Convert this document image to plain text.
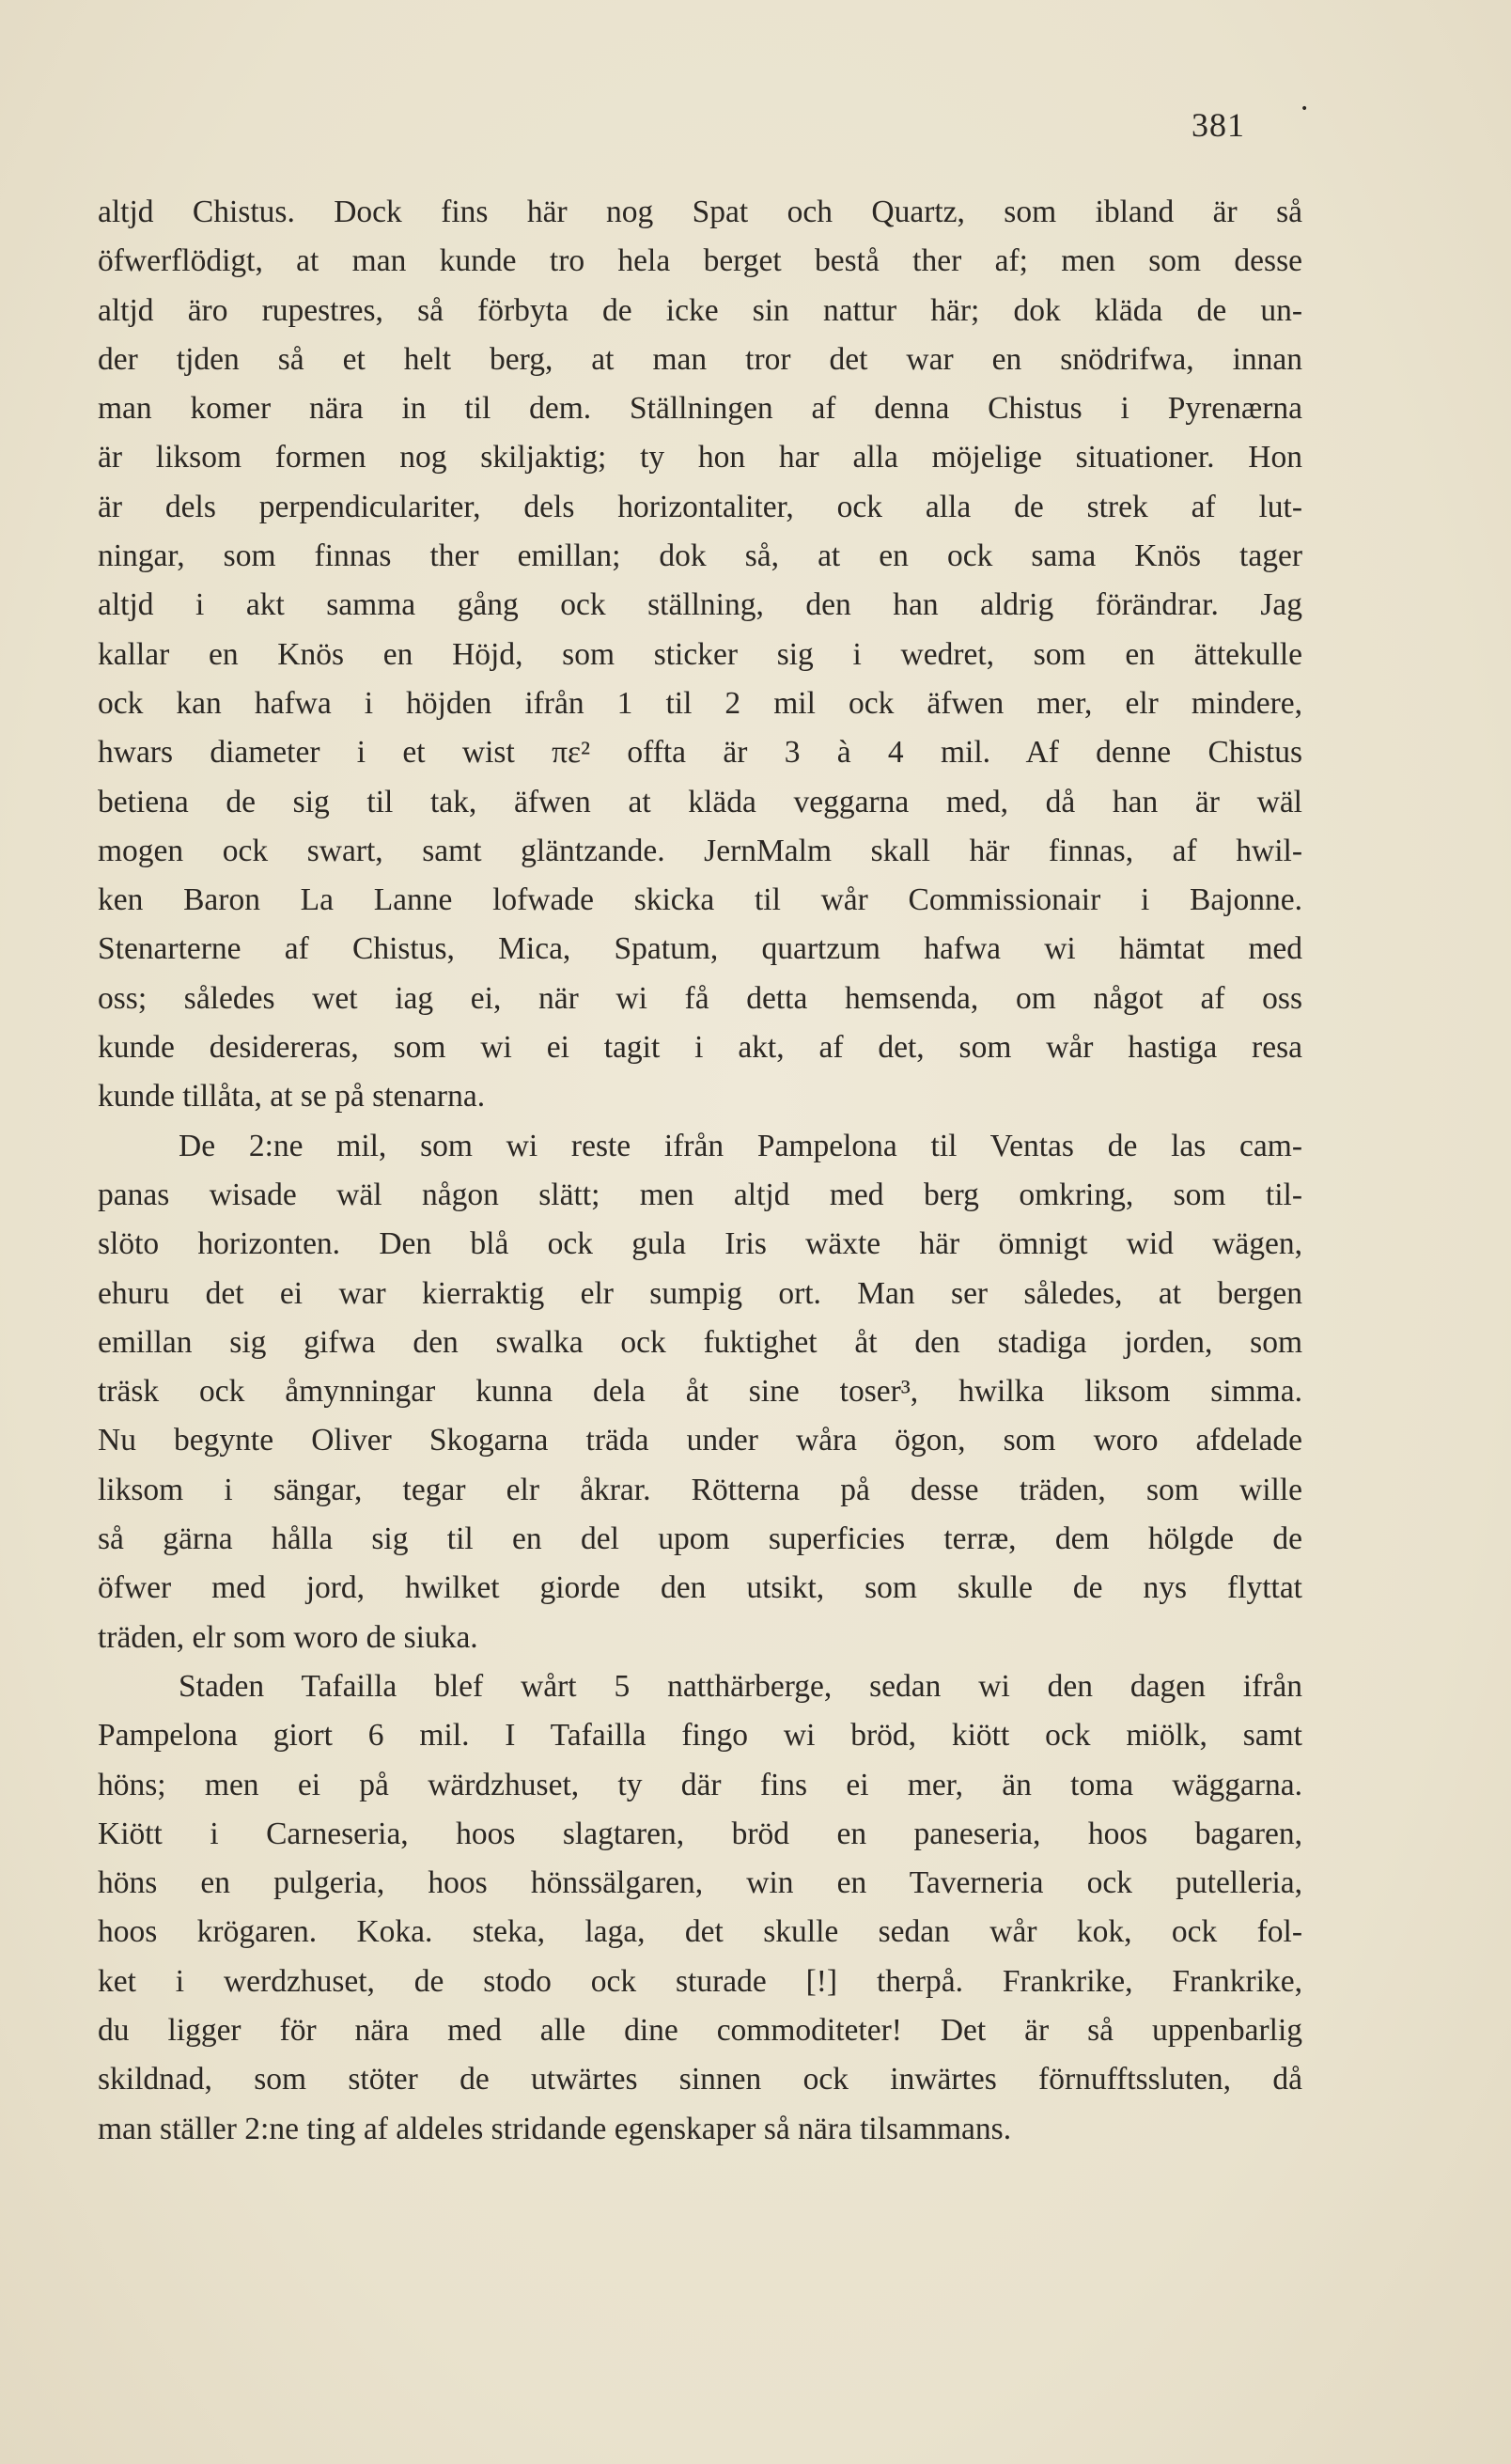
381	•
altjd Chistus. Dock fins här nog Spat och Quartz, som ibland är så
öfwerflödigt, at man kunde tro hela berget bestå ther af; men som desse
altjd äro rupestres, så förbyta de icke sin nattur här; dok kläda de un-
der tjden så et helt berg, at man tror det war en snödrifwa, innan
man komer nära in til dem. Ställningen af denna Chistus i Pyrenærna
är liksom formen nog skiljaktig; ty hon har alla möjelige situationer. Hon
är dels perpendiculariter, dels horizontaliter, ock alla de strek af lut-
ningar, som finnas ther emillan; dok så, at en ock sama Knös tager
altjd i akt samma gång ock ställning, den han aldrig förändrar. Jag
kallar en Knös en Höjd, som sticker sig i wedret, som en ättekulle
ock kan hafwa i höjden ifrån 1 til 2 mil ock äfwen mer, elr mindere,
hwars diameter i et wist πε² offta är 3 à 4 mil. Af denne Chistus
betiena de sig til tak, äfwen at kläda veggarna med, då han är wäl
mogen ock swart, samt gläntzande. JernMalm skall här finnas, af hwil-
ken Baron La Lanne lofwade skicka til wår Commissionair i Bajonne.
Stenarterne af Chistus, Mica, Spatum, quartzum hafwa wi hämtat med
oss; således wet iag ei, när wi få detta hemsenda, om något af oss
kunde desidereras, som wi ei tagit i akt, af det, som wår hastiga resa
kunde tillåta, at se på stenarna.
De 2:ne mil, som wi reste ifrån Pampelona til Ventas de las cam-
panas wisade wäl någon slätt; men altjd med berg omkring, som til-
slöto horizonten. Den blå ock gula Iris wäxte här ömnigt wid wägen,
ehuru det ei war kierraktig elr sumpig ort. Man ser således, at bergen
emillan sig gifwa den swalka ock fuktighet åt den stadiga jorden, som
träsk ock åmynningar kunna dela åt sine toser³, hwilka liksom simma.
Nu begynte Oliver Skogarna träda under wåra ögon, som woro afdelade
liksom i sängar, tegar elr åkrar. Rötterna på desse träden, som wille
så gärna hålla sig til en del upom superficies terræ, dem hölgde de
öfwer med jord, hwilket giorde den utsikt, som skulle de nys flyttat
träden, elr som woro de siuka.
Staden Tafailla blef wårt 5 natthärberge, sedan wi den dagen ifrån
Pampelona giort 6 mil. I Tafailla fingo wi bröd, kiött ock miölk, samt
höns; men ei på wärdzhuset, ty där fins ei mer, än toma wäggarna.
Kiött i Carneseria, hoos slagtaren, bröd en paneseria, hoos bagaren,
höns en pulgeria, hoos hönssälgaren, win en Taverneria ock putelleria,
hoos krögaren. Koka. steka, laga, det skulle sedan wår kok, ock fol-
ket i werdzhuset, de stodo ock sturade [!] therpå. Frankrike, Frankrike,
du ligger för nära med alle dine commoditeter! Det är så uppenbarlig
skildnad, som stöter de utwärtes sinnen ock inwärtes förnufftssluten, då
man ställer 2:ne ting af aldeles stridande egenskaper så nära tilsammans.
